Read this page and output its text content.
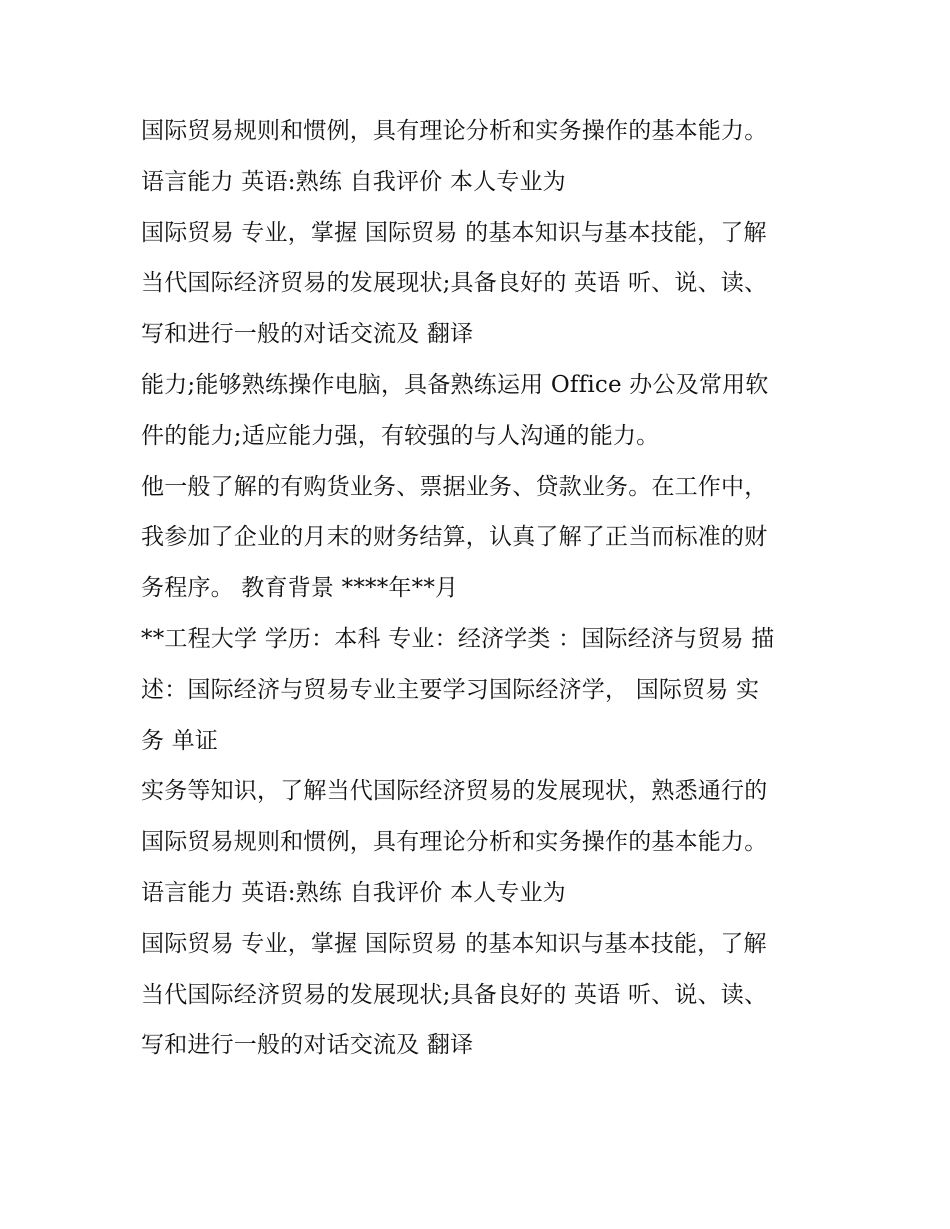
国际贸易规则和惯例，具有理论分析和实务操作的基本能力。
语言能力 英语:熟练 自我评价 本人专业为
国际贸易 专业，掌握 国际贸易 的基本知识与基本技能，了解
当代国际经济贸易的发展现状;具备良好的 英语 听、说、读、
写和进行一般的对话交流及 翻译
能力;能够熟练操作电脑，具备熟练运用 Office 办公及常用软
件的能力;适应能力强，有较强的与人沟通的能力。
他一般了解的有购货业务、票据业务、贷款业务。在工作中，
我参加了企业的月末的财务结算，认真了解了正当而标准的财
务程序。 教育背景 ****年**月
**工程大学 学历：本科 专业：经济学类 ：国际经济与贸易 描
述：国际经济与贸易专业主要学习国际经济学， 国际贸易 实
务 单证
实务等知识，了解当代国际经济贸易的发展现状，熟悉通行的
国际贸易规则和惯例，具有理论分析和实务操作的基本能力。
语言能力 英语:熟练 自我评价 本人专业为
国际贸易 专业，掌握 国际贸易 的基本知识与基本技能，了解
当代国际经济贸易的发展现状;具备良好的 英语 听、说、读、
写和进行一般的对话交流及 翻译
